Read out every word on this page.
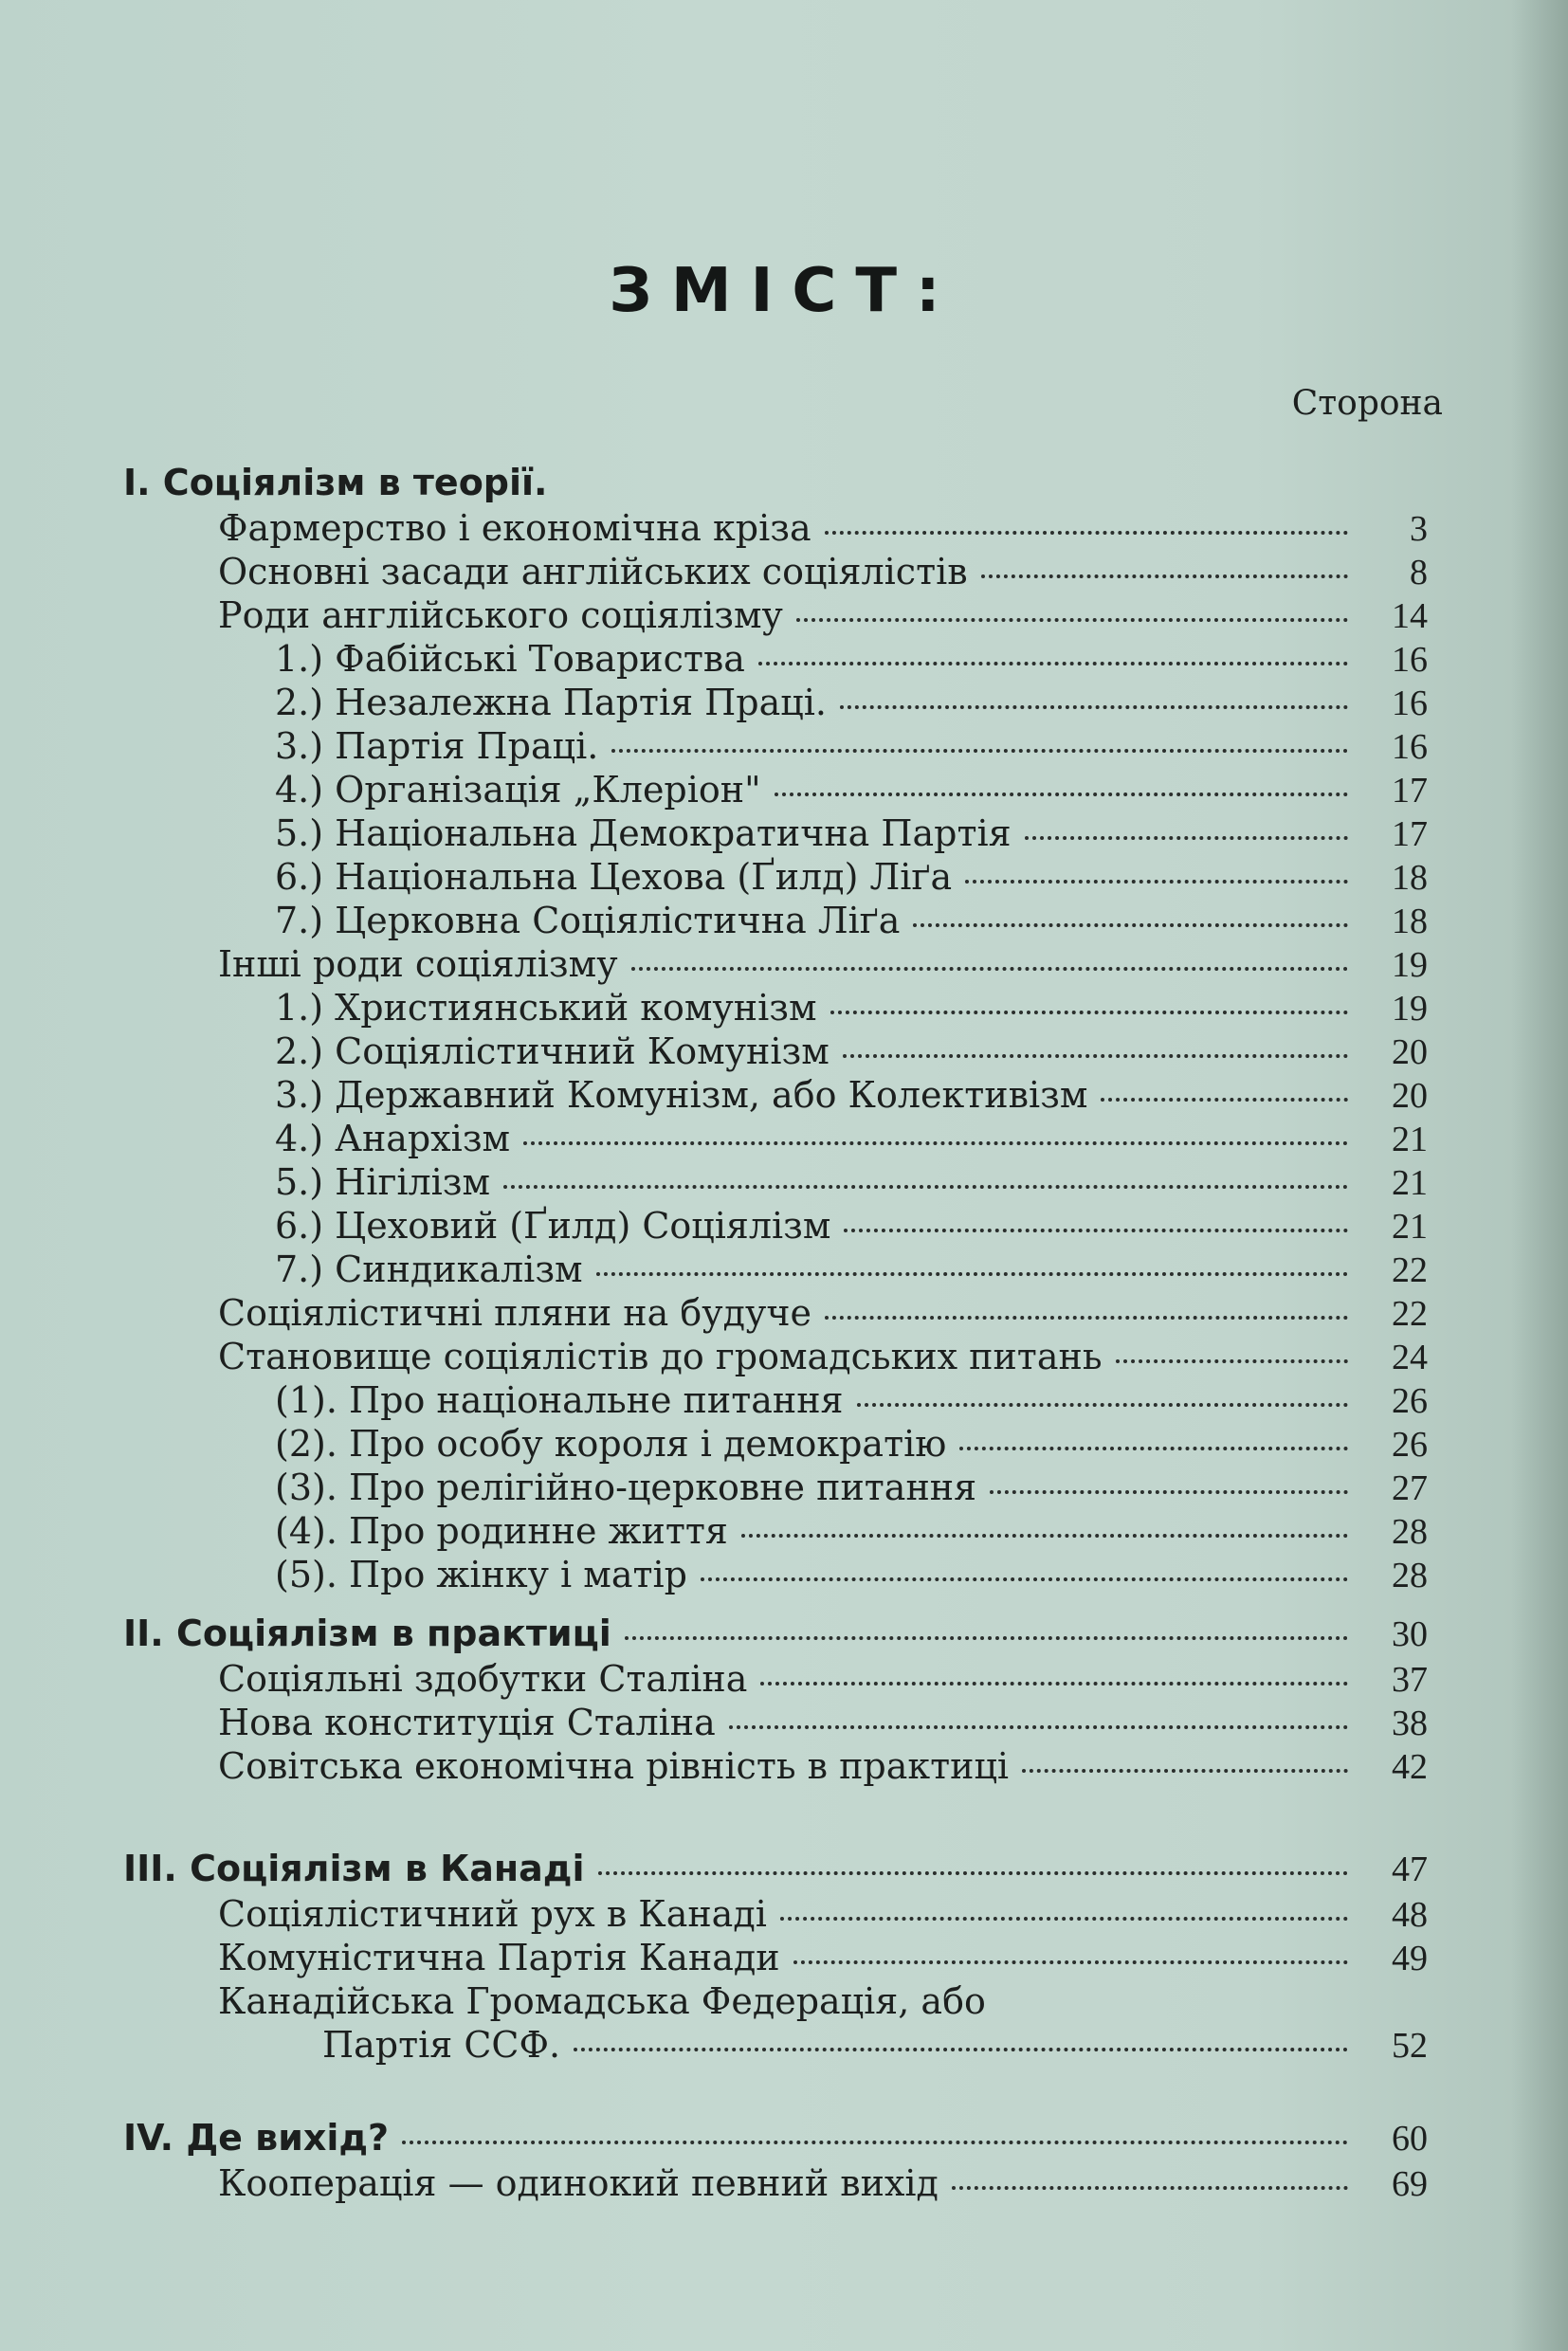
ЗМІСТ:
Сторона
І. Соціялізм в теорії.
Фармерство і економічна кріза	3
Основні засади англійських соціялістів	8
Роди англійського соціялізму	14
1.) Фабійські Товариства	16
2.) Незалежна Партія Праці.	16
3.) Партія Праці.	16
4.) Організація „Клеріон"	17
5.) Національна Демократична Партія	17
6.) Національна Цехова (Ґилд) Ліґа	18
7.) Церковна Соціялістична Ліґа	18
Інші роди соціялізму	19
1.) Християнський комунізм	19
2.) Соціялістичний Комунізм	20
3.) Державний Комунізм, або Колективізм	20
4.) Анархізм	21
5.) Нігілізм	21
6.) Цеховий (Ґилд) Соціялізм	21
7.) Синдикалізм	22
Соціялістичні пляни на будуче	22
Становище соціялістів до громадських питань	24
(1). Про національне питання	26
(2). Про особу короля і демократію	26
(3). Про релігійно-церковне питання	27
(4). Про родинне життя	28
(5). Про жінку і матір	28
ІІ. Соціялізм в практиці	30
Соціяльні здобутки Сталіна	37
Нова конституція Сталіна	38
Совітська економічна рівність в практиці	42
ІІІ. Соціялізм в Канаді	47
Соціялістичний рух в Канаді	48
Комуністична Партія Канади	49
Канадійська Громадська Федерація, або
Партія ССФ.	52
IV. Де вихід?	60
Кооперація — одинокий певний вихід	69
